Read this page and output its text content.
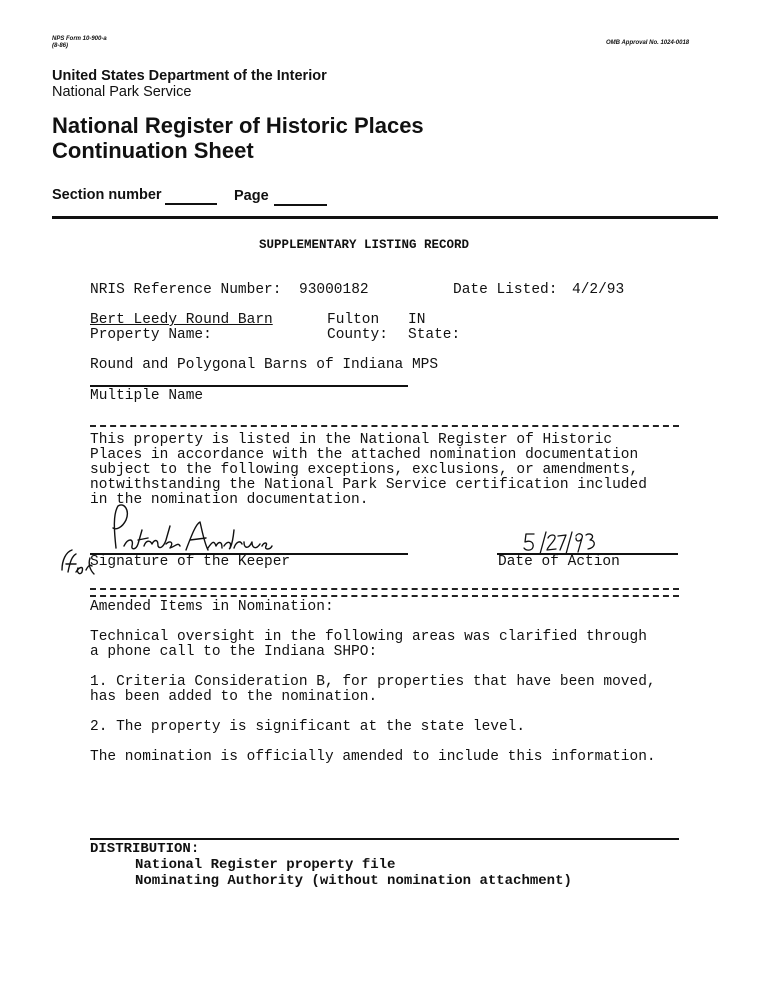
NPS Form 10-900-a
(8-86)	OMB Approval No. 1024-0018
United States Department of the Interior
National Park Service
National Register of Historic Places
Continuation Sheet
Section number	Page
SUPPLEMENTARY LISTING RECORD
NRIS Reference Number: 93000182	Date Listed: 4/2/93
Bert Leedy Round Barn	Fulton IN
Property Name:	County: State:
Round and Polygonal Barns of Indiana MPS
Multiple Name
This property is listed in the National Register of Historic
Places in accordance with the attached nomination documentation
subject to the following exceptions, exclusions, or amendments,
notwithstanding the National Park Service certification included
in the nomination documentation.
Signature of the Keeper	Date of Action
Amended Items in Nomination:
Technical oversight in the following areas was clarified through
a phone call to the Indiana SHPO:
1. Criteria Consideration B, for properties that have been moved,
has been added to the nomination.
2. The property is significant at the state level.
The nomination is officially amended to include this information.
DISTRIBUTION:
National Register property file
Nominating Authority (without nomination attachment)
